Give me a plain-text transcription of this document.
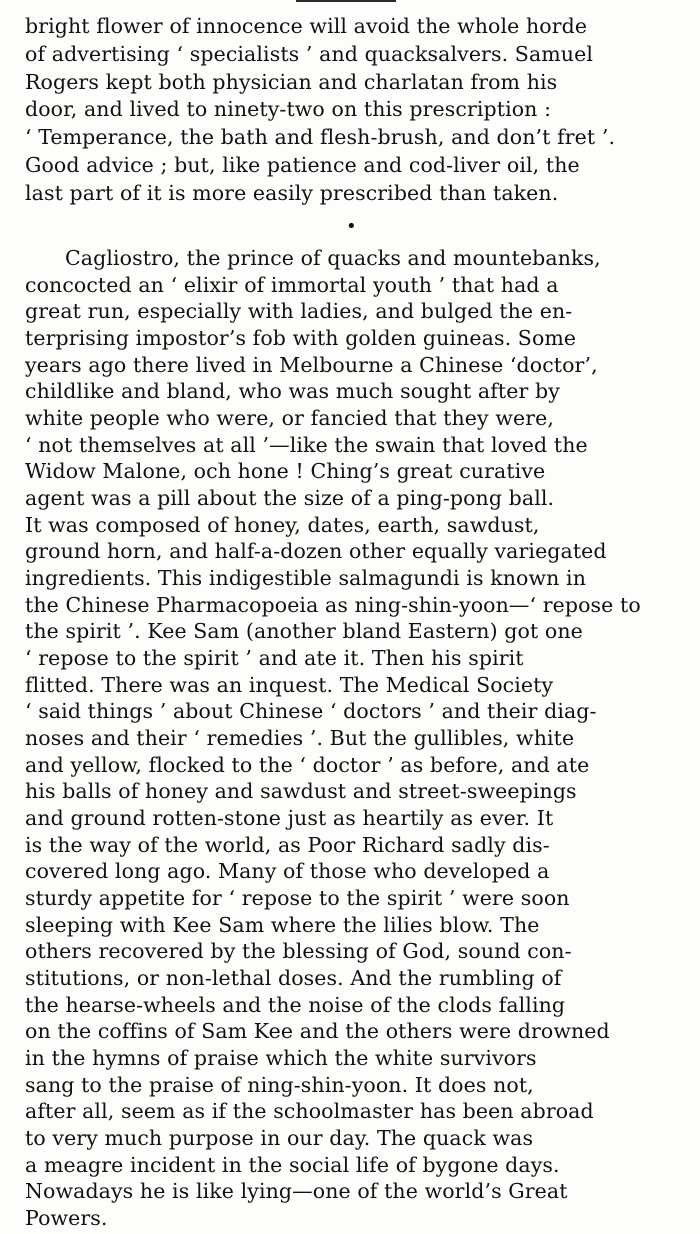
bright flower of innocence will avoid the whole horde

of advertising ‘ specialists ’ and quacksalvers. Samuel

Rogers kept both physician and charlatan from his

door, and lived to ninety-two on this prescription :

‘ Temperance, the bath and flesh-brush, and don’t fret ’.

Good advice ; but, like patience and cod-liver oil, the

last part of it is more easily prescribed than taken.

•

Cagliostro, the prince of quacks and mountebanks,

concocted an ‘ elixir of immortal youth ’ that had a

great run, especially with ladies, and bulged the en-

terprising impostor’s fob with golden guineas. Some

years ago there lived in Melbourne a Chinese ‘doctor’,

childlike and bland, who was much sought after by

white people who were, or fancied that they were,

‘ not themselves at all ’—like the swain that loved the

Widow Malone, och hone ! Ching’s great curative

agent was a pill about the size of a ping-pong ball.

It was composed of honey, dates, earth, sawdust,

ground horn, and half-a-dozen other equally variegated

ingredients. This indigestible salmagundi is known in

the Chinese Pharmacopoeia as ning-shin-yoon—‘ repose to

the spirit ’. Kee Sam (another bland Eastern) got one

‘ repose to the spirit ’ and ate it. Then his spirit

flitted. There was an inquest. The Medical Society

‘ said things ’ about Chinese ‘ doctors ’ and their diag-

noses and their ‘ remedies ’. But the gullibles, white

and yellow, flocked to the ‘ doctor ’ as before, and ate

his balls of honey and sawdust and street-sweepings

and ground rotten-stone just as heartily as ever. It

is the way of the world, as Poor Richard sadly dis-

covered long ago. Many of those who developed a

sturdy appetite for ‘ repose to the spirit ’ were soon

sleeping with Kee Sam where the lilies blow. The

others recovered by the blessing of God, sound con-

stitutions, or non-lethal doses. And the rumbling of

the hearse-wheels and the noise of the clods falling

on the coffins of Sam Kee and the others were drowned

in the hymns of praise which the white survivors

sang to the praise of ning-shin-yoon. It does not,

after all, seem as if the schoolmaster has been abroad

to very much purpose in our day. The quack was

a meagre incident in the social life of bygone days.

Nowadays he is like lying—one of the world’s Great

Powers.
